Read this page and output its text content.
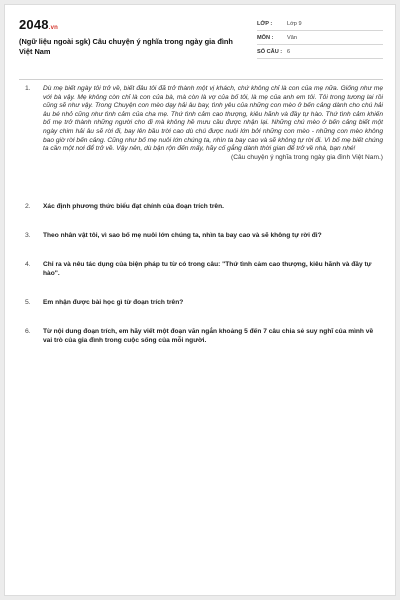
2048.vn
(Ngữ liệu ngoài sgk) Câu chuyện ý nghĩa trong ngày gia đình Việt Nam
LỚP :	Lớp 9
MÔN :	Văn
SỐ CÂU : 6
1. Dù mẹ biết ngày tôi trở về, biết đâu tôi đã trở thành một vị khách, chứ không chỉ là con của mẹ nữa. Giống như mẹ với bà vậy. Mẹ không còn chỉ là con của bà, mà còn là vợ của bố tôi, là mẹ của anh em tôi. Tôi trong tương lai rồi cũng sẽ như vậy. Trong Chuyện con mèo dạy hải âu bay, tình yêu của những con mèo ở bến cảng dành cho chú hải âu bé nhỏ cũng như tình cảm của cha mẹ. Thứ tình cảm cao thượng, kiêu hãnh và đầy tự hào. Thứ tình cảm khiến bố mẹ trở thành những người cho đi mà không hề mưu cầu được nhận lại. Những chú mèo ở bến cảng biết một ngày chim hải âu sẽ rời đi, bay lên bầu trời cao dù chú được nuôi lớn bởi những con mèo - những con mèo không bao giờ rời bến cảng. Cũng như bố mẹ nuôi lớn chúng ta, nhìn ta bay cao và sẽ không tự rời đi. Vì bố mẹ biết chúng ta cần một nơi để trở về. Vậy nên, dù bận rộn đến mấy, hãy cố gắng dành thời gian để trở về nhà, bạn nhé!
(Câu chuyện ý nghĩa trong ngày gia đình Việt Nam.)
2. Xác định phương thức biểu đạt chính của đoạn trích trên.
3. Theo nhân vật tôi, vì sao bố mẹ nuôi lớn chúng ta, nhìn ta bay cao và sẽ không tự rời đi?
4. Chỉ ra và nêu tác dụng của biện pháp tu từ có trong câu: "Thứ tình cảm cao thượng, kiêu hãnh và đầy tự hào".
5. Em nhận được bài học gì từ đoạn trích trên?
6. Từ nội dung đoạn trích, em hãy viết một đoạn văn ngắn khoảng 5 đến 7 câu chia sẻ suy nghĩ của mình về vai trò của gia đình trong cuộc sống của mỗi người.
